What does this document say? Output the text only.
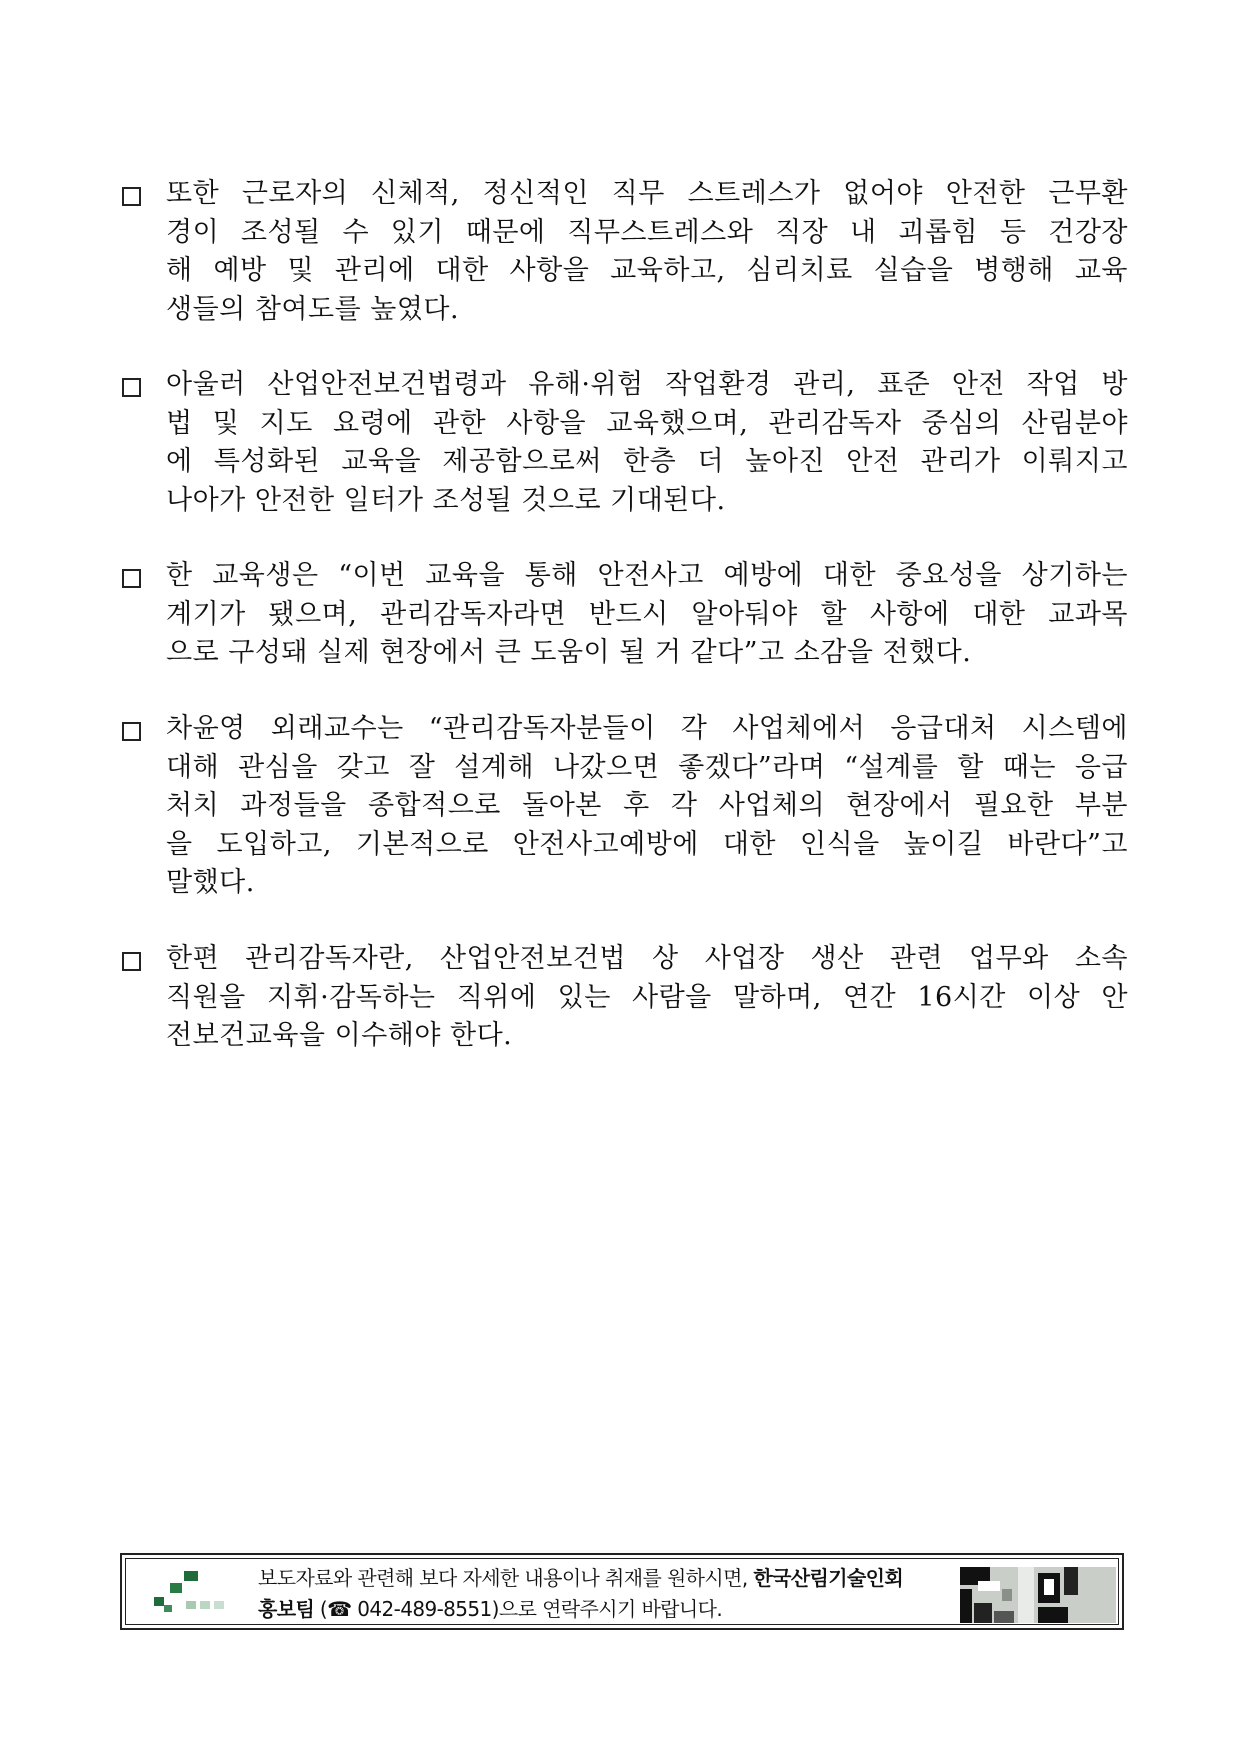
또한 근로자의 신체적, 정신적인 직무 스트레스가 없어야 안전한 근무환
경이 조성될 수 있기 때문에 직무스트레스와 직장 내 괴롭힘 등 건강장
해 예방 및 관리에 대한 사항을 교육하고, 심리치료 실습을 병행해 교육
생들의 참여도를 높였다.
아울러 산업안전보건법령과 유해·위험 작업환경 관리, 표준 안전 작업 방
법 및 지도 요령에 관한 사항을 교육했으며, 관리감독자 중심의 산림분야
에 특성화된 교육을 제공함으로써 한층 더 높아진 안전 관리가 이뤄지고
나아가 안전한 일터가 조성될 것으로 기대된다.
한 교육생은 “이번 교육을 통해 안전사고 예방에 대한 중요성을 상기하는
계기가 됐으며, 관리감독자라면 반드시 알아둬야 할 사항에 대한 교과목
으로 구성돼 실제 현장에서 큰 도움이 될 거 같다”고 소감을 전했다.
차윤영 외래교수는 “관리감독자분들이 각 사업체에서 응급대처 시스템에
대해 관심을 갖고 잘 설계해 나갔으면 좋겠다”라며 “설계를 할 때는 응급
처치 과정들을 종합적으로 돌아본 후 각 사업체의 현장에서 필요한 부분
을 도입하고, 기본적으로 안전사고예방에 대한 인식을 높이길 바란다”고
말했다.
한편 관리감독자란, 산업안전보건법 상 사업장 생산 관련 업무와 소속
직원을 지휘·감독하는 직위에 있는 사람을 말하며, 연간 16시간 이상 안
전보건교육을 이수해야 한다.
보도자료와 관련해 보다 자세한 내용이나 취재를 원하시면, 한국산림기술인회
홍보팀 (☎ 042-489-8551)으로 연락주시기 바랍니다.
